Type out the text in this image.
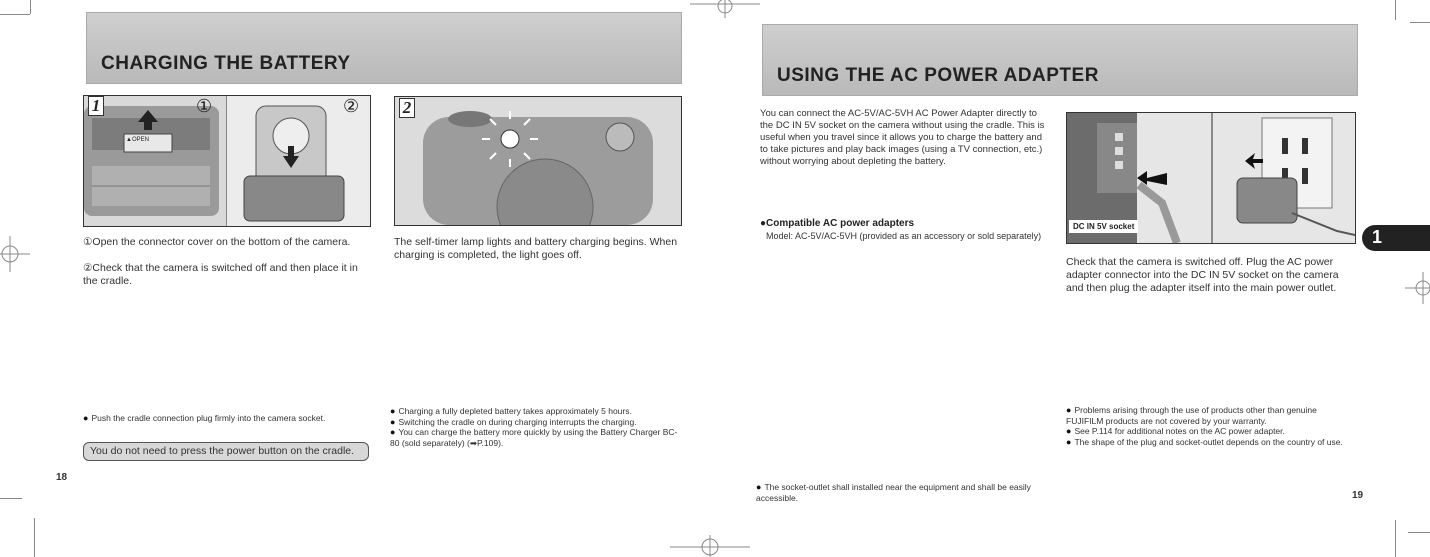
CHARGING THE BATTERY
1	①	②
▲OPEN
①Open the connector cover on the bottom of the camera.
②Check that the camera is switched off and then place it in the cradle.
2
The self-timer lamp lights and battery charging begins. When charging is completed, the light goes off.
● Push the cradle connection plug firmly into the camera socket.
You do not need to press the power button on the cradle.
18
● Charging a fully depleted battery takes approximately 5 hours.
● Switching the cradle on during charging interrupts the charging.
● You can charge the battery more quickly by using the Battery Charger BC-80 (sold separately) (➡P.109).
USING THE AC POWER ADAPTER
You can connect the AC-5V/AC-5VH AC Power Adapter directly to the DC IN 5V socket on the camera without using the cradle. This is useful when you travel since it allows you to charge the battery and to take pictures and play back images (using a TV connection, etc.) without worrying about depleting the battery.
●Compatible AC power adapters
Model: AC-5V/AC-5VH (provided as an accessory or sold separately)
DC IN 5V socket
Check that the camera is switched off. Plug the AC power adapter connector into the DC IN 5V socket on the camera and then plug the adapter itself into the main power outlet.
1
● The socket-outlet shall installed near the equipment and shall be easily accessible.
● Problems arising through the use of products other than genuine FUJIFILM products are not covered by your warranty.
● See P.114 for additional notes on the AC power adapter.
● The shape of the plug and socket-outlet depends on the country of use.
19
